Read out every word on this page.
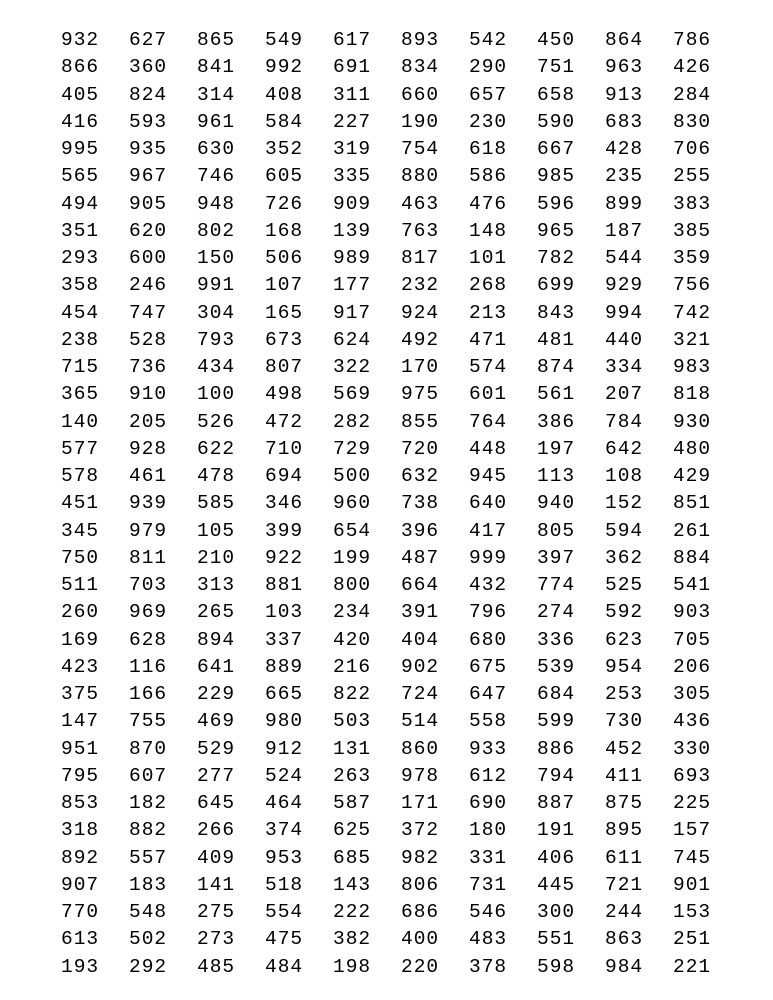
932	627	865	549	617	893	542	450	864	786
866	360	841	992	691	834	290	751	963	426
405	824	314	408	311	660	657	658	913	284
416	593	961	584	227	190	230	590	683	830
995	935	630	352	319	754	618	667	428	706
565	967	746	605	335	880	586	985	235	255
494	905	948	726	909	463	476	596	899	383
351	620	802	168	139	763	148	965	187	385
293	600	150	506	989	817	101	782	544	359
358	246	991	107	177	232	268	699	929	756
454	747	304	165	917	924	213	843	994	742
238	528	793	673	624	492	471	481	440	321
715	736	434	807	322	170	574	874	334	983
365	910	100	498	569	975	601	561	207	818
140	205	526	472	282	855	764	386	784	930
577	928	622	710	729	720	448	197	642	480
578	461	478	694	500	632	945	113	108	429
451	939	585	346	960	738	640	940	152	851
345	979	105	399	654	396	417	805	594	261
750	811	210	922	199	487	999	397	362	884
511	703	313	881	800	664	432	774	525	541
260	969	265	103	234	391	796	274	592	903
169	628	894	337	420	404	680	336	623	705
423	116	641	889	216	902	675	539	954	206
375	166	229	665	822	724	647	684	253	305
147	755	469	980	503	514	558	599	730	436
951	870	529	912	131	860	933	886	452	330
795	607	277	524	263	978	612	794	411	693
853	182	645	464	587	171	690	887	875	225
318	882	266	374	625	372	180	191	895	157
892	557	409	953	685	982	331	406	611	745
907	183	141	518	143	806	731	445	721	901
770	548	275	554	222	686	546	300	244	153
613	502	273	475	382	400	483	551	863	251
193	292	485	484	198	220	378	598	984	221
